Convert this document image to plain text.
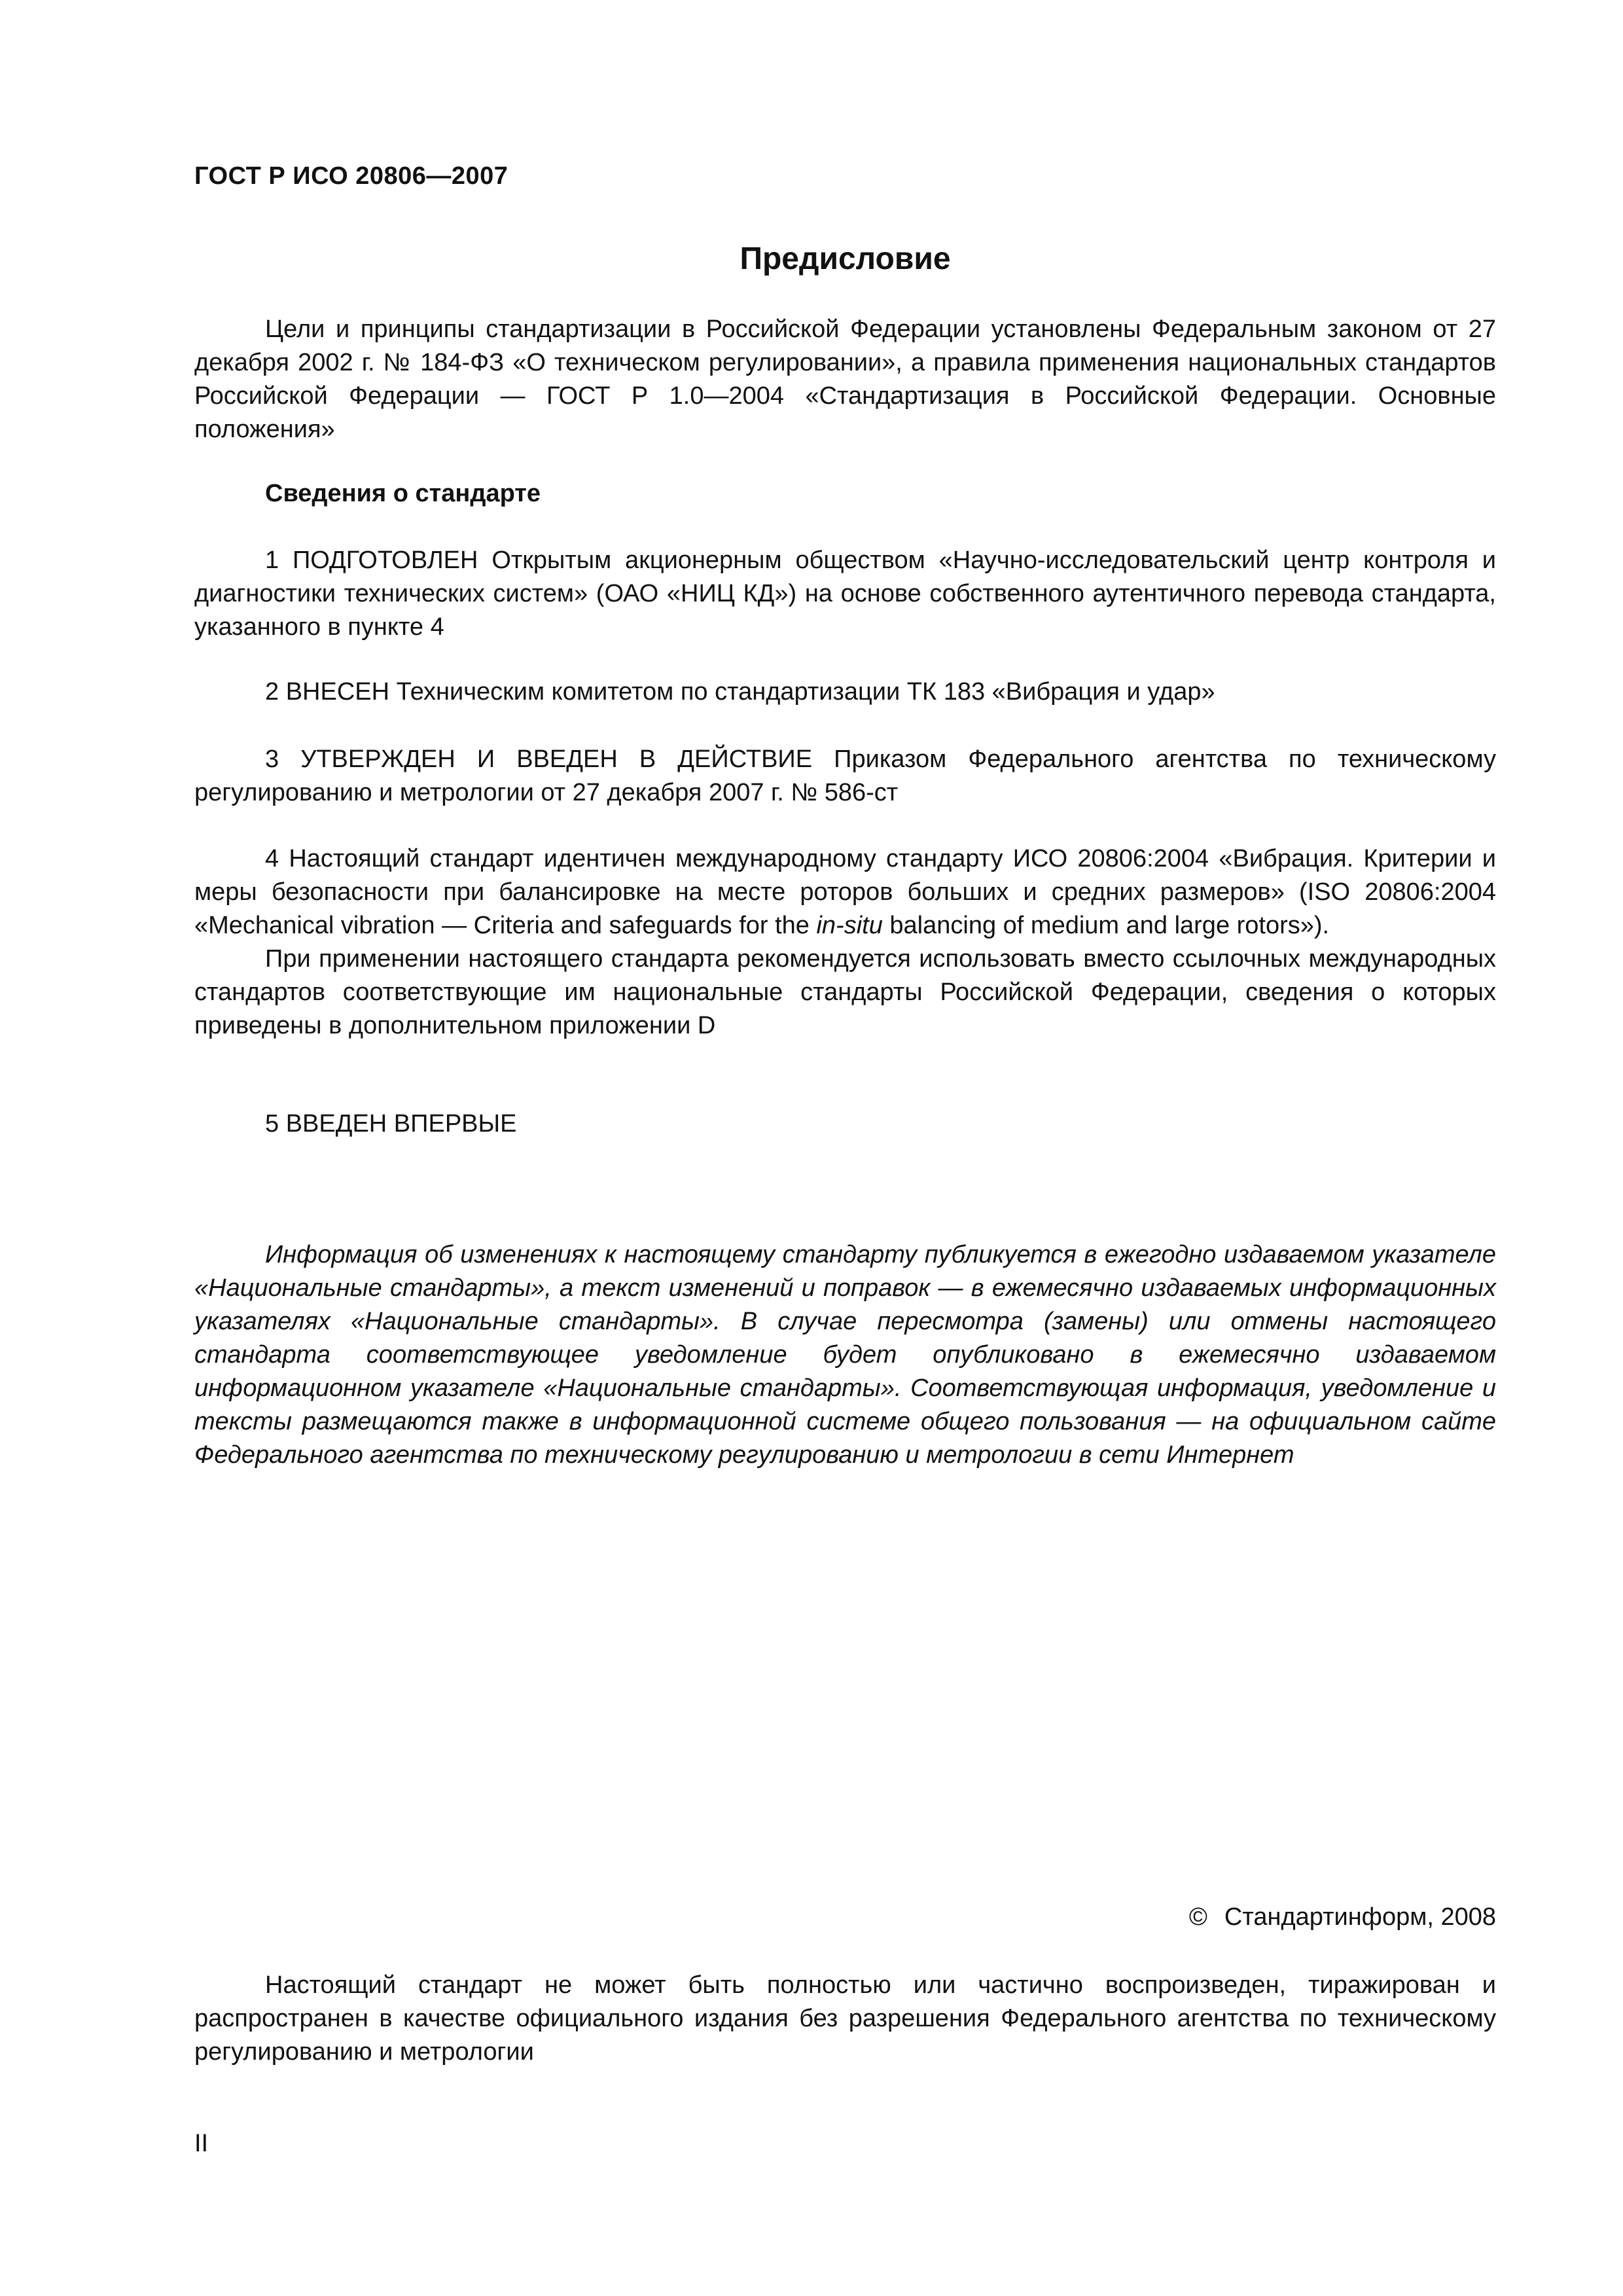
ГОСТ Р ИСО 20806—2007
Предисловие

Цели и принципы стандартизации в Российской Федерации установлены Федеральным законом от 27 декабря 2002 г. № 184-ФЗ «О техническом регулировании», а правила применения национальных стандартов Российской Федерации — ГОСТ Р 1.0—2004 «Стандартизация в Российской Федерации. Основные положения»

Сведения о стандарте

1 ПОДГОТОВЛЕН Открытым акционерным обществом «Научно-исследовательский центр контроля и диагностики технических систем» (ОАО «НИЦ КД») на основе собственного аутентичного перевода стандарта, указанного в пункте 4

2 ВНЕСЕН Техническим комитетом по стандартизации ТК 183 «Вибрация и удар»

3 УТВЕРЖДЕН И ВВЕДЕН В ДЕЙСТВИЕ Приказом Федерального агентства по техническому регулированию и метрологии от 27 декабря 2007 г. № 586-ст

4 Настоящий стандарт идентичен международному стандарту ИСО 20806:2004 «Вибрация. Критерии и меры безопасности при балансировке на месте роторов больших и средних размеров» (ISO 20806:2004 «Mechanical vibration — Criteria and safeguards for the in-situ balancing of medium and large rotors»).

При применении настоящего стандарта рекомендуется использовать вместо ссылочных международных стандартов соответствующие им национальные стандарты Российской Федерации, сведения о которых приведены в дополнительном приложении D

5 ВВЕДЕН ВПЕРВЫЕ

Информация об изменениях к настоящему стандарту публикуется в ежегодно издаваемом указателе «Национальные стандарты», а текст изменений и поправок — в ежемесячно издаваемых информационных указателях «Национальные стандарты». В случае пересмотра (замены) или отмены настоящего стандарта соответствующее уведомление будет опубликовано в ежемесячно издаваемом информационном указателе «Национальные стандарты». Соответствующая информация, уведомление и тексты размещаются также в информационной системе общего пользования — на официальном сайте Федерального агентства по техническому регулированию и метрологии в сети Интернет

© Стандартинформ, 2008

Настоящий стандарт не может быть полностью или частично воспроизведен, тиражирован и распространен в качестве официального издания без разрешения Федерального агентства по техническому регулированию и метрологии

II
